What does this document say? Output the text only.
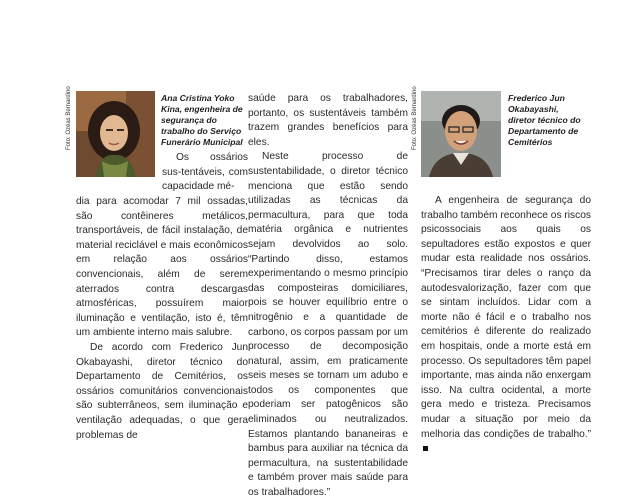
Foto: Ozéas Bernardino	Ana Cristina Yoko Kina, engenheira de segurança do trabalho do Serviço Funerário Municipal	Foto: Ozéas Bernardino	Frederico Jun Okabayashi, diretor técnico do Departamento de Cemitérios

Os ossários sus-tentáveis, com capacidade mé-

dia para acomodar 7 mil ossadas, são contêineres metálicos, transportáveis, de fácil instalação, de material reciclável e mais econômicos em relação aos ossários convencionais, além de serem aterrados contra descargas atmosféricas, possuírem maior iluminação e ventilação, isto é, têm um ambiente interno mais salubre.

De acordo com Frederico Jun Okabayashi, diretor técnico do Departamento de Cemitérios, os ossários comunitários convencionais são subterrâneos, sem iluminação e ventilação adequadas, o que gera problemas de

saúde para os trabalhadores, portanto, os sustentáveis também trazem grandes benefícios para eles.

Neste processo de sustentabilidade, o diretor técnico menciona que estão sendo utilizadas as técnicas da permacultura, para que toda matéria orgânica e nutrientes sejam devolvidos ao solo. “Partindo disso, estamos experimentando o mesmo princípio das composteiras domiciliares, pois se houver equilíbrio entre o nitrogênio e a quantidade de carbono, os corpos passam por um processo de decomposição natural, assim, em praticamente seis meses se tornam um adubo e todos os componentes que poderiam ser patogênicos são eliminados ou neutralizados. Estamos plantando bananeiras e bambus para auxiliar na técnica da permacultura, na sustentabilidade e também prover mais saúde para os trabalhadores.”

A engenheira de segurança do trabalho também reconhece os riscos psicossociais aos quais os sepultadores estão expostos e quer mudar esta realidade nos ossários. “Precisamos tirar deles o ranço da autodesvalorização, fazer com que se sintam incluídos. Lidar com a morte não é fácil e o trabalho nos cemitérios é diferente do realizado em hospitais, onde a morte está em processo. Os sepultadores têm papel importante, mas ainda não enxergam isso. Na cultra ocidental, a morte gera medo e tristeza. Precisamos mudar a situação por meio da melhoria das condições de trabalho.”
